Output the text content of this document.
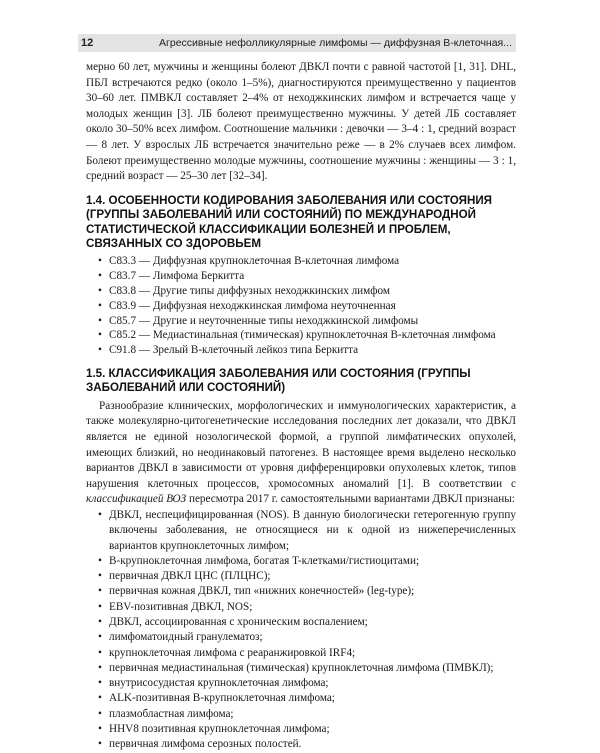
12	Агрессивные нефолликулярные лимфомы — диффузная B-клеточная...

мерно 60 лет, мужчины и женщины болеют ДВКЛ почти с равной частотой [1, 31]. DHL, ПБЛ встречаются редко (около 1–5%), диагностируются преимущественно у пациентов 30–60 лет. ПМВКЛ составляет 2–4% от неходжкинских лимфом и встречается чаще у молодых женщин [3]. ЛБ болеют преимущественно мужчины. У детей ЛБ составляет около 30–50% всех лимфом. Соотношение мальчики : девочки — 3–4 : 1, средний возраст — 8 лет. У взрослых ЛБ встречается значительно реже — в 2% случаев всех лимфом. Болеют преимущественно молодые мужчины, соотношение мужчины : женщины — 3 : 1, средний возраст — 25–30 лет [32–34].

1.4. ОСОБЕННОСТИ КОДИРОВАНИЯ ЗАБОЛЕВАНИЯ ИЛИ СОСТОЯНИЯ (ГРУППЫ ЗАБОЛЕВАНИЙ ИЛИ СОСТОЯНИЙ) ПО МЕЖДУНАРОДНОЙ СТАТИСТИЧЕСКОЙ КЛАССИФИКАЦИИ БОЛЕЗНЕЙ И ПРОБЛЕМ, СВЯЗАННЫХ СО ЗДОРОВЬЕМ
• C83.3 — Диффузная крупноклеточная B-клеточная лимфома
• C83.7 — Лимфома Беркитта
• C83.8 — Другие типы диффузных неходжкинских лимфом
• C83.9 — Диффузная неходжкинская лимфома неуточненная
• C85.7 — Другие и неуточненные типы неходжкинской лимфомы
• C85.2 — Медиастинальная (тимическая) крупноклеточная B-клеточная лимфома
• C91.8 — Зрелый B-клеточный лейкоз типа Беркитта
1.5. КЛАССИФИКАЦИЯ ЗАБОЛЕВАНИЯ ИЛИ СОСТОЯНИЯ (ГРУППЫ ЗАБОЛЕВАНИЙ ИЛИ СОСТОЯНИЙ)

Разнообразие клинических, морфологических и иммунологических характеристик, а также молекулярно-цитогенетические исследования последних лет доказали, что ДВКЛ является не единой нозологической формой, а группой лимфатических опухолей, имеющих близкий, но неодинаковый патогенез. В настоящее время выделено несколько вариантов ДВКЛ в зависимости от уровня дифференцировки опухолевых клеток, типов нарушения клеточных процессов, хромосомных аномалий [1]. В соответствии с классификацией ВОЗ пересмотра 2017 г. самостоятельными вариантами ДВКЛ признаны:

• ДВКЛ, неспецифицированная (NOS). В данную биологически гетерогенную группу включены заболевания, не относящиеся ни к одной из нижеперечисленных вариантов крупноклеточных лимфом;
• B-крупноклеточная лимфома, богатая T-клетками/гистиоцитами;
• первичная ДВКЛ ЦНС (ПЛЦНС);
• первичная кожная ДВКЛ, тип «нижних конечностей» (leg-type);
• EBV-позитивная ДВКЛ, NOS;
• ДВКЛ, ассоциированная с хроническим воспалением;
• лимфоматоидный гранулематоз;
• крупноклеточная лимфома с реаранжировкой IRF4;
• первичная медиастинальная (тимическая) крупноклеточная лимфома (ПМВКЛ);
• внутрисосудистая крупноклеточная лимфома;
• ALK-позитивная B-крупноклеточная лимфома;
• плазмобластная лимфома;
• HHV8 позитивная крупноклеточная лимфома;
• первичная лимфома серозных полостей.
